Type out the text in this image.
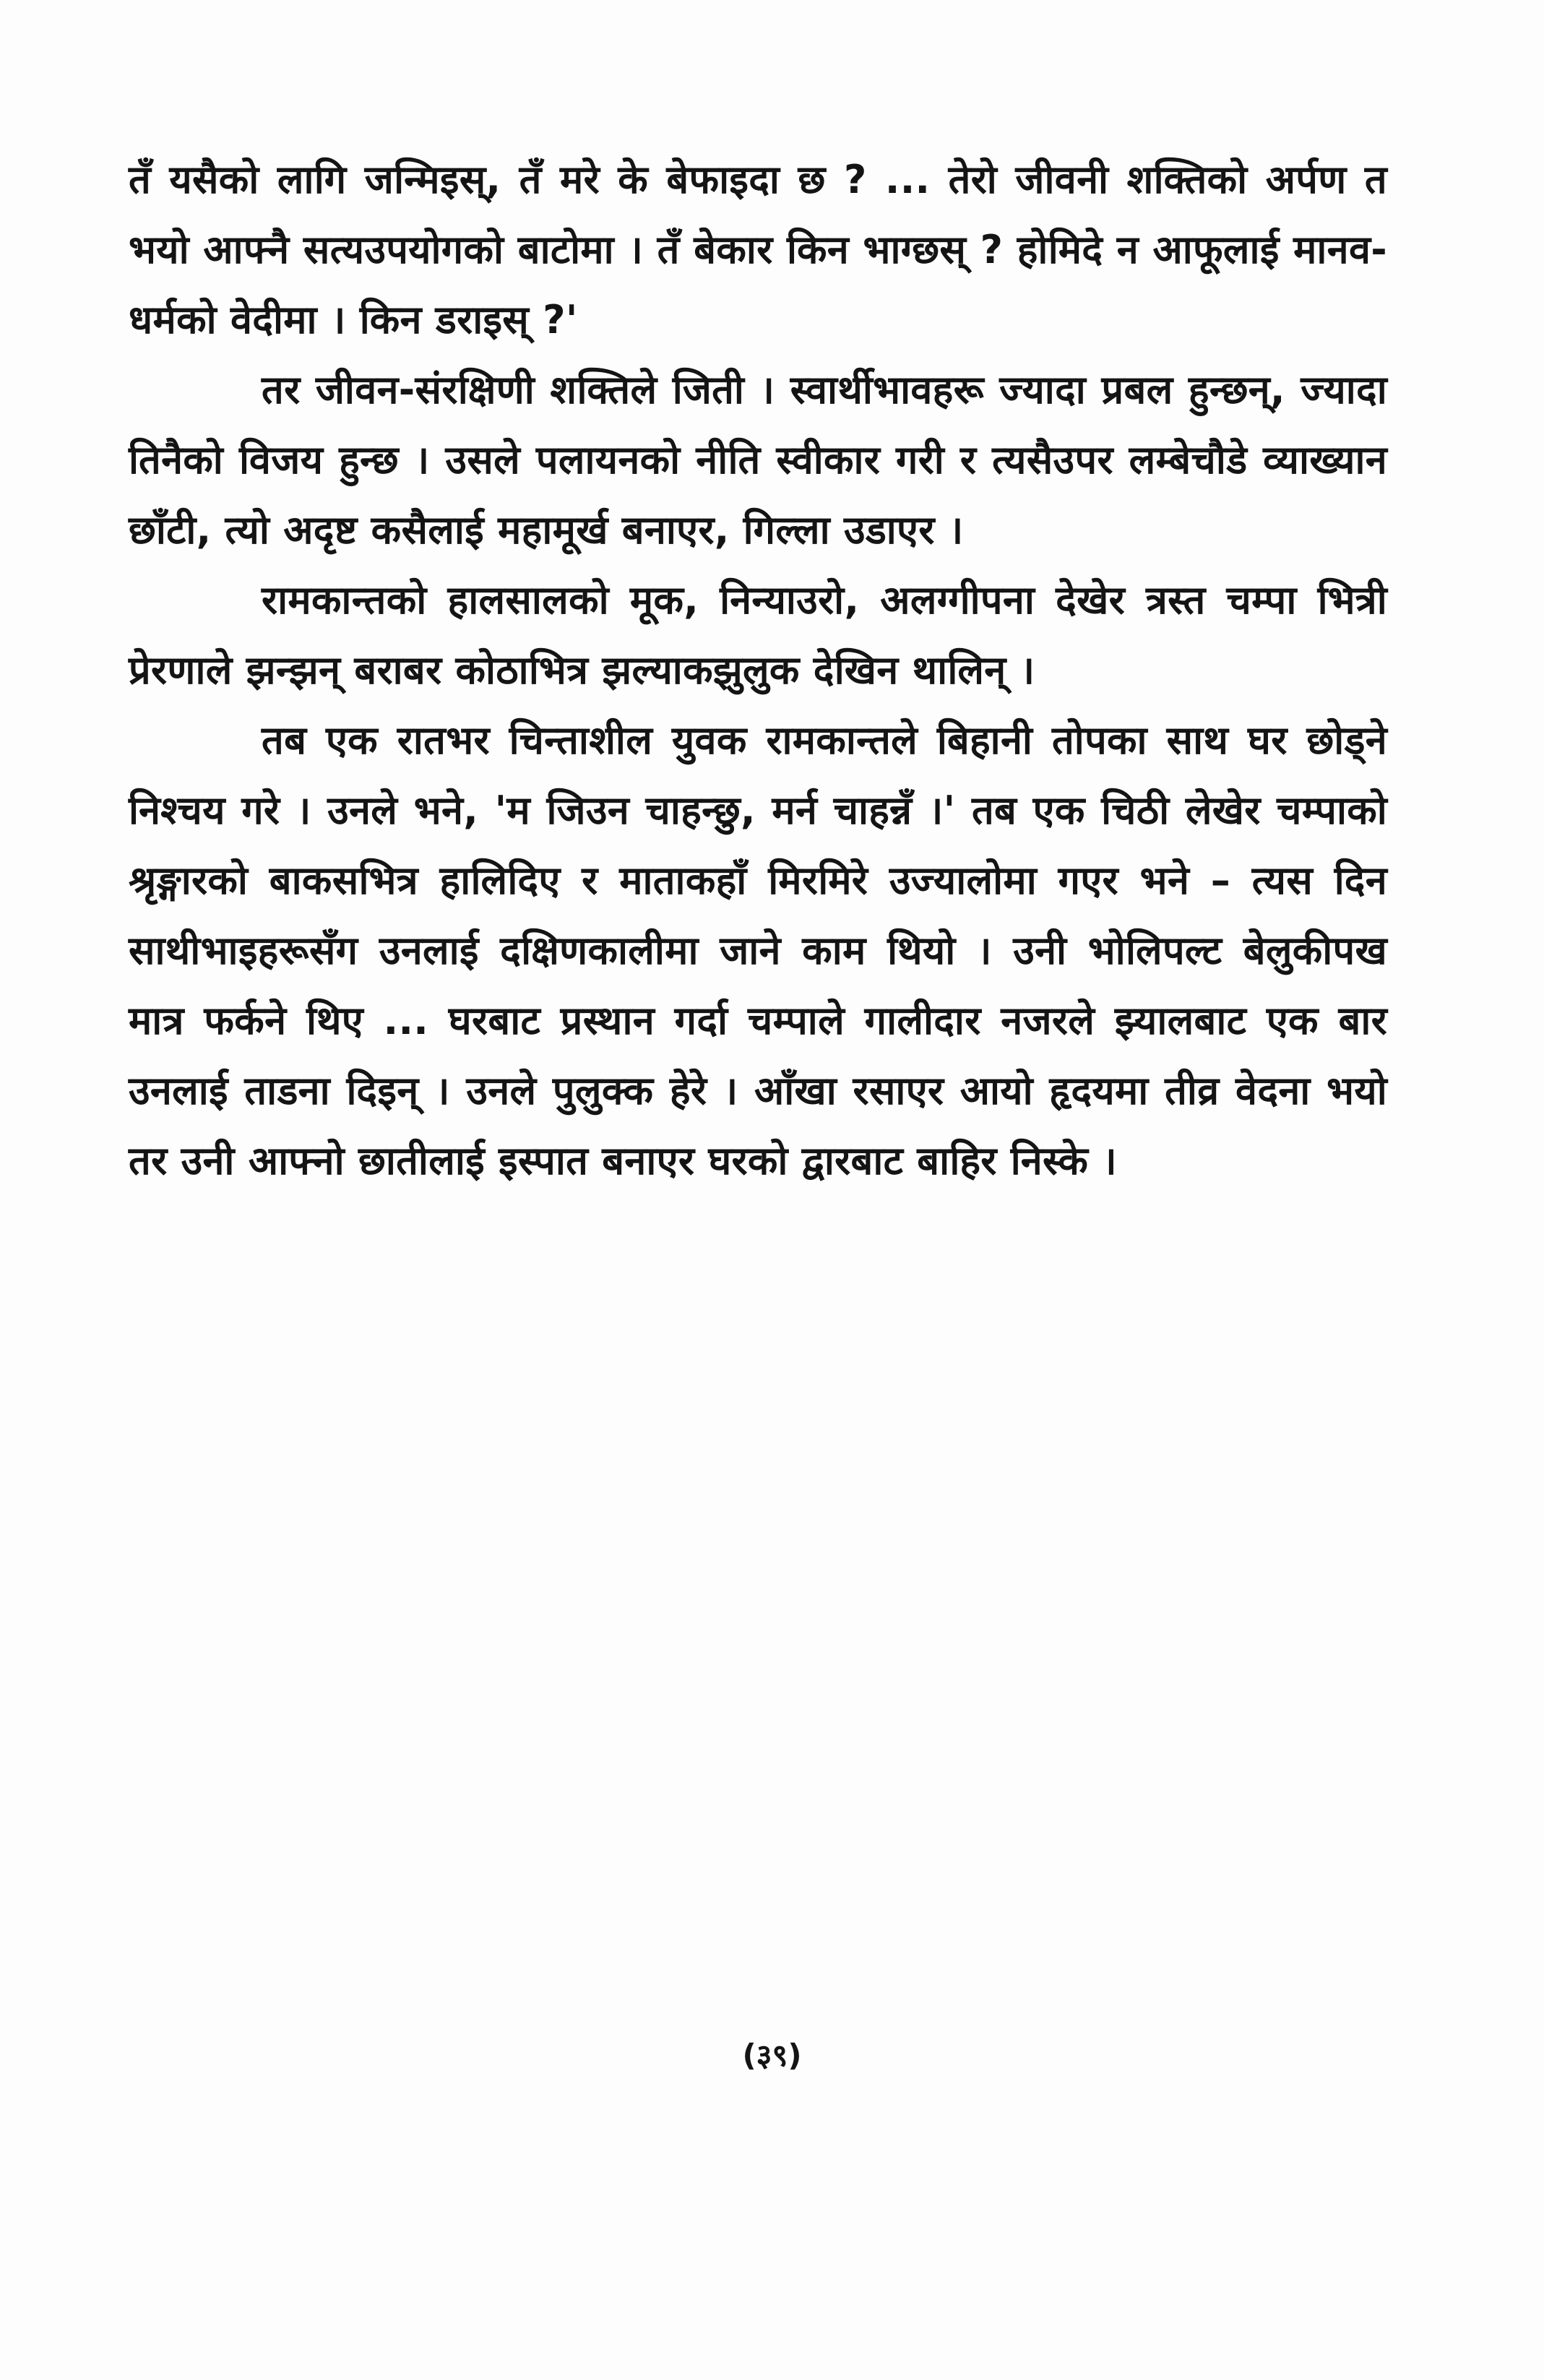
तँ यसैको लागि जन्मिइस्, तँ मरे के बेफाइदा छ ? ... तेरो जीवनी शक्तिको अर्पण त भयो आफ्नै सत्यउपयोगको बाटोमा । तँ बेकार किन भाग्छस् ? होमिदे न आफूलाई मानव-धर्मको वेदीमा । किन डराइस् ?'

तर जीवन-संरक्षिणी शक्तिले जिती । स्वार्थीभावहरू ज्यादा प्रबल हुन्छन्, ज्यादा तिनैको विजय हुन्छ । उसले पलायनको नीति स्वीकार गरी र त्यसैउपर लम्बेचौडे व्याख्यान छाँटी, त्यो अदृष्ट कसैलाई महामूर्ख बनाएर, गिल्ला उडाएर ।

रामकान्तको हालसालको मूक, निन्याउरो, अलग्गीपना देखेर त्रस्त चम्पा भित्री प्रेरणाले झन्झन् बराबर कोठाभित्र झल्याकझुलुक देखिन थालिन् ।

तब एक रातभर चिन्ताशील युवक रामकान्तले बिहानी तोपका साथ घर छोड्ने निश्चय गरे । उनले भने, 'म जिउन चाहन्छु, मर्न चाहन्नँ ।' तब एक चिठी लेखेर चम्पाको श्रृङ्गारको बाकसभित्र हालिदिए र माताकहाँ मिरमिरे उज्यालोमा गएर भने – त्यस दिन साथीभाइहरूसँग उनलाई दक्षिणकालीमा जाने काम थियो । उनी भोलिपल्ट बेलुकीपख मात्र फर्कने थिए ... घरबाट प्रस्थान गर्दा चम्पाले गालीदार नजरले झ्यालबाट एक बार उनलाई ताडना दिइन् । उनले पुलुक्क हेरे । आँखा रसाएर आयो हृदयमा तीव्र वेदना भयो तर उनी आफ्नो छातीलाई इस्पात बनाएर घरको द्वारबाट बाहिर निस्के ।

(३९)
